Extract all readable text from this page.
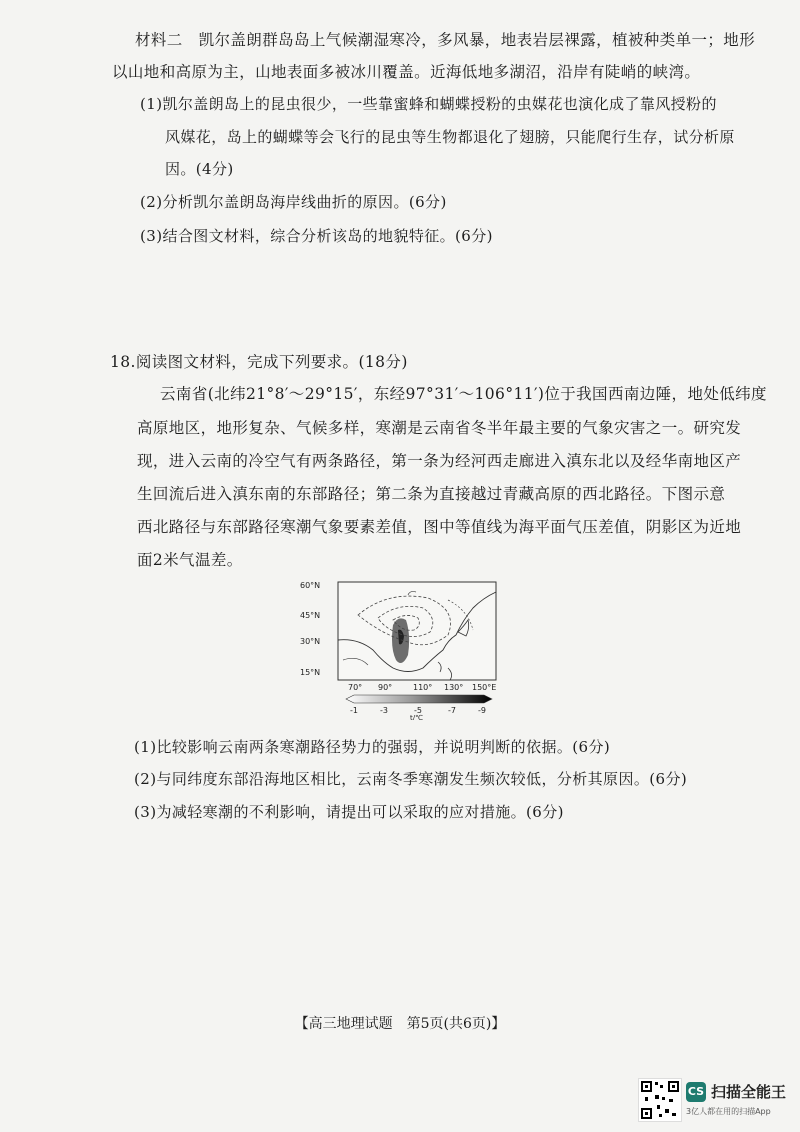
材料二　凯尔盖朗群岛岛上气候潮湿寒冷，多风暴，地表岩层裸露，植被种类单一；地形
以山地和高原为主，山地表面多被冰川覆盖。近海低地多湖沼，沿岸有陡峭的峡湾。
(1)凯尔盖朗岛上的昆虫很少，一些靠蜜蜂和蝴蝶授粉的虫媒花也演化成了靠风授粉的
风媒花，岛上的蝴蝶等会飞行的昆虫等生物都退化了翅膀，只能爬行生存，试分析原
因。(4分)
(2)分析凯尔盖朗岛海岸线曲折的原因。(6分)
(3)结合图文材料，综合分析该岛的地貌特征。(6分)
18.阅读图文材料，完成下列要求。(18分)
云南省(北纬21°8′～29°15′，东经97°31′～106°11′)位于我国西南边陲，地处低纬度
高原地区，地形复杂、气候多样，寒潮是云南省冬半年最主要的气象灾害之一。研究发
现，进入云南的冷空气有两条路径，第一条为经河西走廊进入滇东北以及经华南地区产
生回流后进入滇东南的东部路径；第二条为直接越过青藏高原的西北路径。下图示意
西北路径与东部路径寒潮气象要素差值，图中等值线为海平面气压差值，阴影区为近地
面2米气温差。
60°N
45°N
30°N
15°N
70° 90°	110° 130° 150°E
-1	-3	-5	-7	-9
t/℃
(1)比较影响云南两条寒潮路径势力的强弱，并说明判断的依据。(6分)
(2)与同纬度东部沿海地区相比，云南冬季寒潮发生频次较低，分析其原因。(6分)
(3)为减轻寒潮的不利影响，请提出可以采取的应对措施。(6分)
【高三地理试题　第5页(共6页)】
CS 扫描全能王
3亿人都在用的扫描App
